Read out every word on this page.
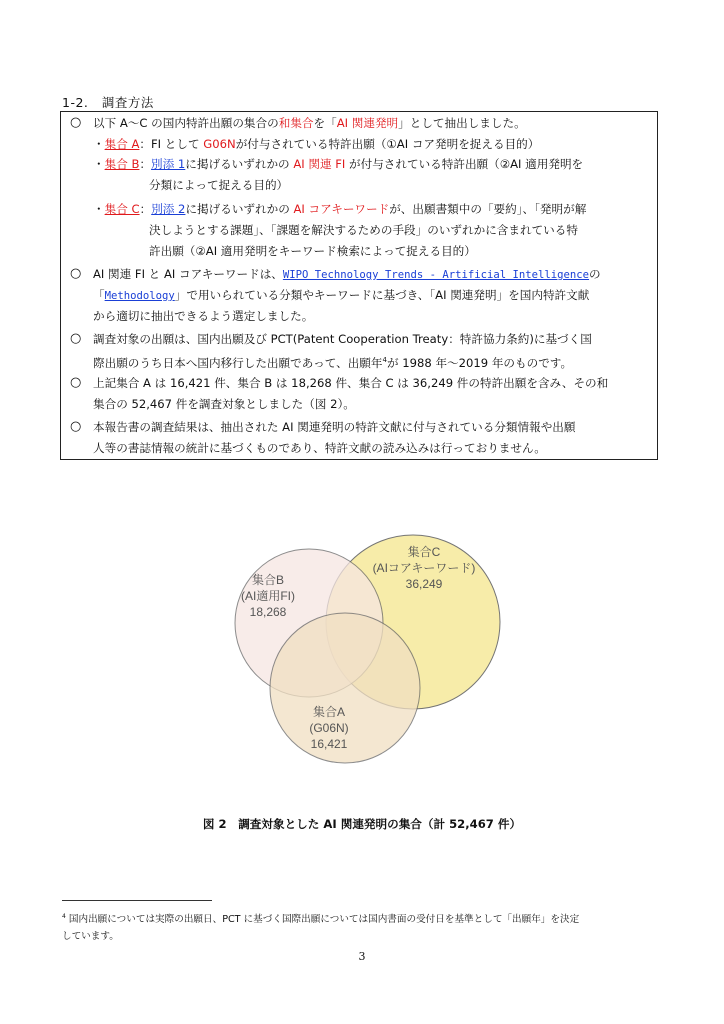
1-2. 調査方法
○ 以下 A〜C の国内特許出願の集合の和集合を「AI 関連発明」として抽出しました。
・集合 A：FI として G06Nが付与されている特許出願（①AI コア発明を捉える目的）
・集合 B：別添 1に掲げるいずれかの AI 関連 FI が付与されている特許出願（②AI 適用発明を
分類によって捉える目的）
・集合 C：別添 2に掲げるいずれかの AI コアキーワードが、出願書類中の「要約」、「発明が解
決しようとする課題」、「課題を解決するための手段」のいずれかに含まれている特
許出願（②AI 適用発明をキーワード検索によって捉える目的）
○ AI 関連 FI と AI コアキーワードは、WIPO Technology Trends - Artificial Intelligenceの
「Methodology」で用いられている分類やキーワードに基づき、「AI 関連発明」を国内特許文献
から適切に抽出できるよう選定しました。
○ 調査対象の出願は、国内出願及び PCT(Patent Cooperation Treaty：特許協力条約)に基づく国
際出願のうち日本へ国内移行した出願であって、出願年$^4$が 1988 年〜2019 年のものです。
○ 上記集合 A は 16,421 件、集合 B は 18,268 件、集合 C は 36,249 件の特許出願を含み、その和
集合の 52,467 件を調査対象としました（図 2）。
○ 本報告書の調査結果は、抽出された AI 関連発明の特許文献に付与されている分類情報や出願
人等の書誌情報の統計に基づくものであり、特許文献の読み込みは行っておりません。
集合C
(AIコアキーワード)
36,249
集合B
(AI適用FI)
18,268
集合A
(G06N)
16,421
図 2　調査対象とした AI 関連発明の集合（計 52,467 件）
$^4$ 国内出願については実際の出願日、PCT に基づく国際出願については国内書面の受付日を基準として「出願年」を決定
しています。
3
